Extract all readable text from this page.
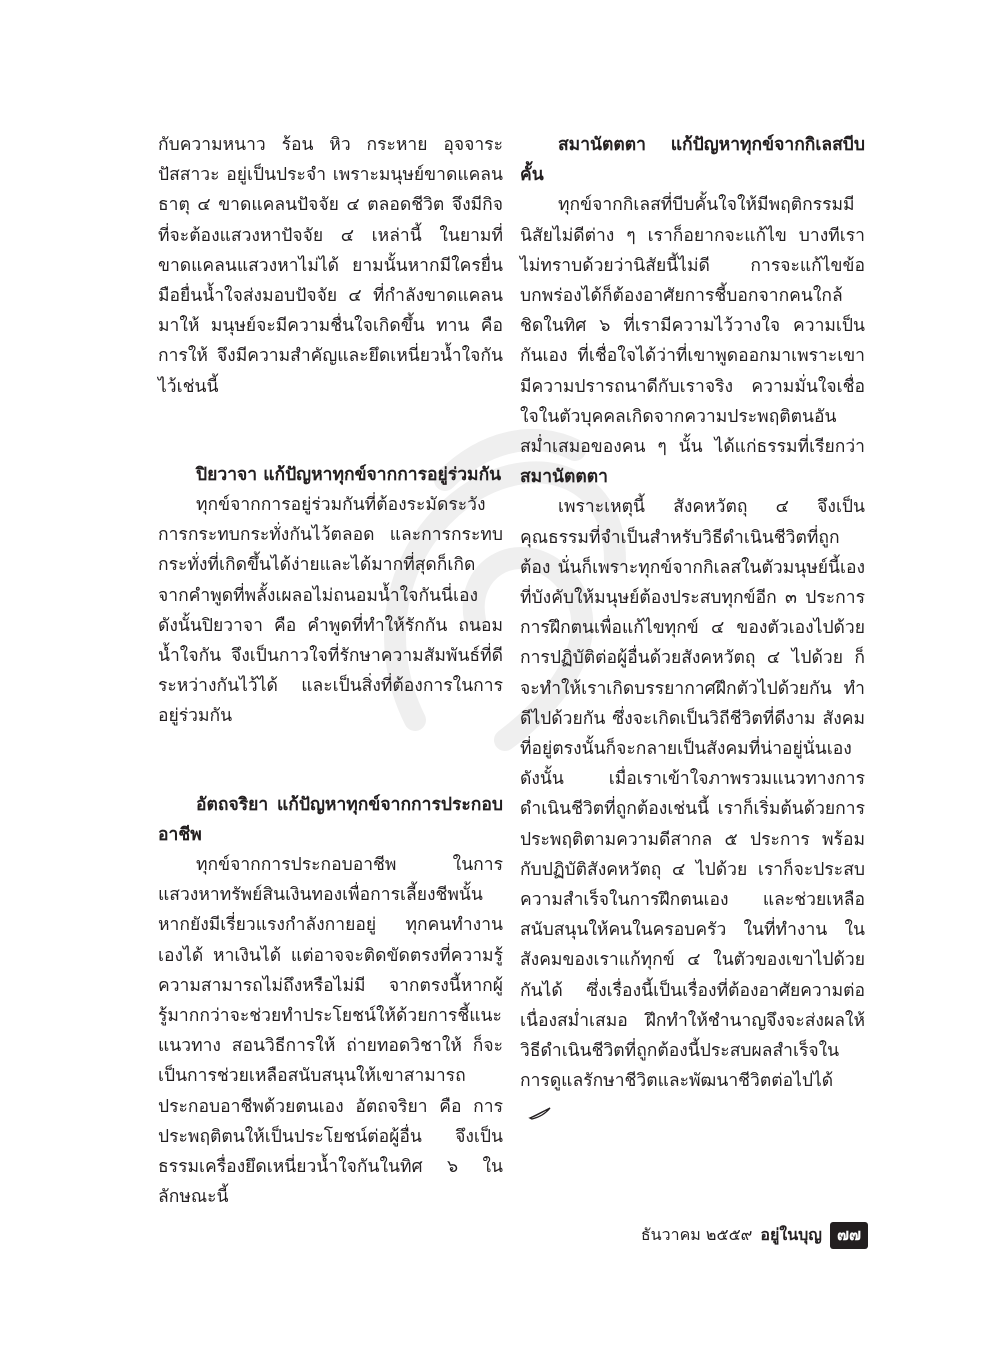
กับความหนาว ร้อน หิว กระหาย อุจจาระ ปัสสาวะ อยู่เป็นประจำ เพราะมนุษย์ขาดแคลนธาตุ ๔ ขาดแคลนปัจจัย ๔ ตลอดชีวิต จึงมีกิจที่จะต้องแสวงหาปัจจัย ๔ เหล่านี้ ในยามที่ขาดแคลนแสวงหาไม่ได้ ยามนั้นหากมีใครยื่นมือยื่นน้ำใจส่งมอบปัจจัย ๔ ที่กำลังขาดแคลนมาให้ มนุษย์จะมีความชื่นใจเกิดขึ้น ทาน คือการให้ จึงมีความสำคัญและยึดเหนี่ยวน้ำใจกันไว้เช่นนี้

ปิยวาจา แก้ปัญหาทุกข์จากการอยู่ร่วมกัน

ทุกข์จากการอยู่ร่วมกันที่ต้องระมัดระวังการกระทบกระทั่งกันไว้ตลอด และการกระทบกระทั่งที่เกิดขึ้นได้ง่ายและได้มากที่สุดก็เกิดจากคำพูดที่พลั้งเผลอไม่ถนอมน้ำใจกันนี่เอง ดังนั้นปิยวาจา คือ คำพูดที่ทำให้รักกัน ถนอมน้ำใจกัน จึงเป็นกาวใจที่รักษาความสัมพันธ์ที่ดีระหว่างกันไว้ได้ และเป็นสิ่งที่ต้องการในการอยู่ร่วมกัน

อัตถจริยา แก้ปัญหาทุกข์จากการประกอบอาชีพ

ทุกข์จากการประกอบอาชีพ ในการแสวงหาทรัพย์สินเงินทองเพื่อการเลี้ยงชีพนั้นหากยังมีเรี่ยวแรงกำลังกายอยู่ ทุกคนทำงานเองได้ หาเงินได้ แต่อาจจะติดขัดตรงที่ความรู้ความสามารถไม่ถึงหรือไม่มี จากตรงนี้หากผู้รู้มากกว่าจะช่วยทำประโยชน์ให้ด้วยการชี้แนะแนวทาง สอนวิธีการให้ ถ่ายทอดวิชาให้ ก็จะเป็นการช่วยเหลือสนับสนุนให้เขาสามารถประกอบอาชีพด้วยตนเอง อัตถจริยา คือ การประพฤติตนให้เป็นประโยชน์ต่อผู้อื่น จึงเป็นธรรมเครื่องยึดเหนี่ยวน้ำใจกันในทิศ ๖ ในลักษณะนี้

สมานัตตตา แก้ปัญหาทุกข์จากกิเลสบีบคั้น

ทุกข์จากกิเลสที่บีบคั้นใจให้มีพฤติกรรมมีนิสัยไม่ดีต่าง ๆ เราก็อยากจะแก้ไข บางทีเราไม่ทราบด้วยว่านิสัยนี้ไม่ดี การจะแก้ไขข้อบกพร่องได้ก็ต้องอาศัยการชี้บอกจากคนใกล้ชิดในทิศ ๖ ที่เรามีความไว้วางใจ ความเป็นกันเอง ที่เชื่อใจได้ว่าที่เขาพูดออกมาเพราะเขามีความปรารถนาดีกับเราจริง ความมั่นใจเชื่อใจในตัวบุคคลเกิดจากความประพฤติตนอันสม่ำเสมอของคน ๆ นั้น ได้แก่ธรรมที่เรียกว่า สมานัตตตา

เพราะเหตุนี้ สังคหวัตถุ ๔ จึงเป็นคุณธรรมที่จำเป็นสำหรับวิธีดำเนินชีวิตที่ถูกต้อง นั่นก็เพราะทุกข์จากกิเลสในตัวมนุษย์นี้เอง ที่บังคับให้มนุษย์ต้องประสบทุกข์อีก ๓ ประการ การฝึกตนเพื่อแก้ไขทุกข์ ๔ ของตัวเองไปด้วย การปฏิบัติต่อผู้อื่นด้วยสังคหวัตถุ ๔ ไปด้วย ก็จะทำให้เราเกิดบรรยากาศฝึกตัวไปด้วยกัน ทำดีไปด้วยกัน ซึ่งจะเกิดเป็นวิถีชีวิตที่ดีงาม สังคมที่อยู่ตรงนั้นก็จะกลายเป็นสังคมที่น่าอยู่นั่นเอง ดังนั้น เมื่อเราเข้าใจภาพรวมแนวทางการดำเนินชีวิตที่ถูกต้องเช่นนี้ เราก็เริ่มต้นด้วยการประพฤติตามความดีสากล ๕ ประการ พร้อมกับปฏิบัติสังคหวัตถุ ๔ ไปด้วย เราก็จะประสบความสำเร็จในการฝึกตนเอง และช่วยเหลือสนับสนุนให้คนในครอบครัว ในที่ทำงาน ในสังคมของเราแก้ทุกข์ ๔ ในตัวของเขาไปด้วยกันได้ ซึ่งเรื่องนี้เป็นเรื่องที่ต้องอาศัยความต่อเนื่องสม่ำเสมอ ฝึกทำให้ชำนาญจึงจะส่งผลให้วิธีดำเนินชีวิตที่ถูกต้องนี้ประสบผลสำเร็จในการดูแลรักษาชีวิตและพัฒนาชีวิตต่อไปได้

ธันวาคม ๒๕๕๙ อยู่ในบุญ ๗๗
